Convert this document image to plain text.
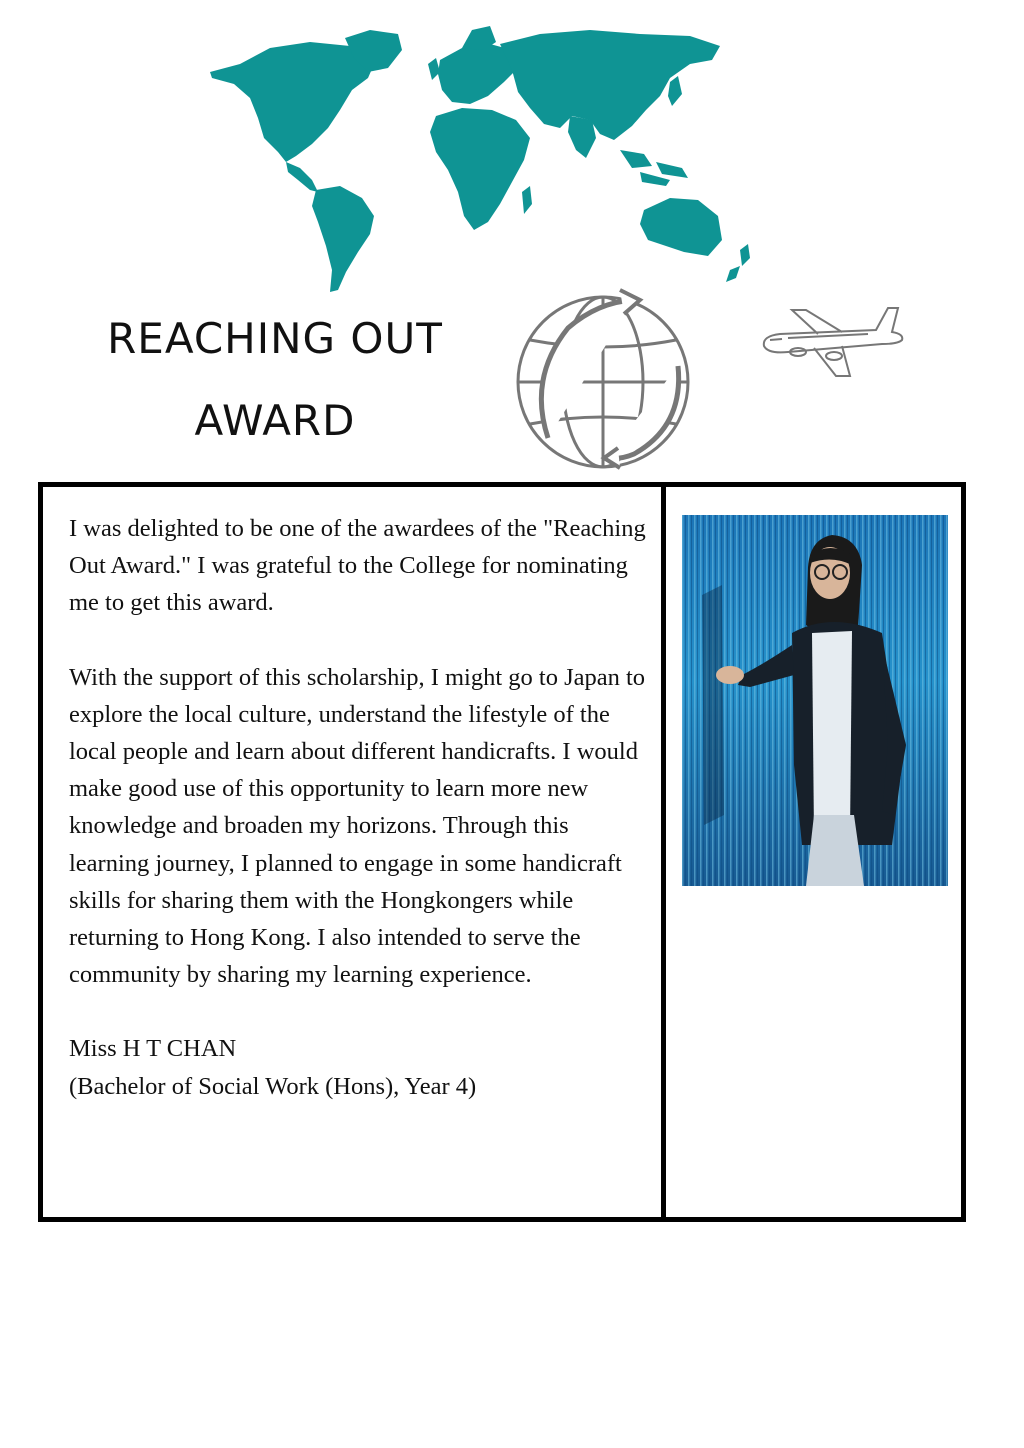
REACHING OUT
AWARD

I was delighted to be one of the awardees of the "Reaching Out Award." I was grateful to the College for nominating me to get this award.

With the support of this scholarship, I might go to Japan to explore the local culture, understand the lifestyle of the local people and learn about different handicrafts. I would make good use of this opportunity to learn more new knowledge and broaden my horizons. Through this learning journey, I planned to engage in some handicraft skills for sharing them with the Hongkongers while returning to Hong Kong. I also intended to serve the community by sharing my learning experience.

Miss H T CHAN

(Bachelor of Social Work (Hons), Year 4)
